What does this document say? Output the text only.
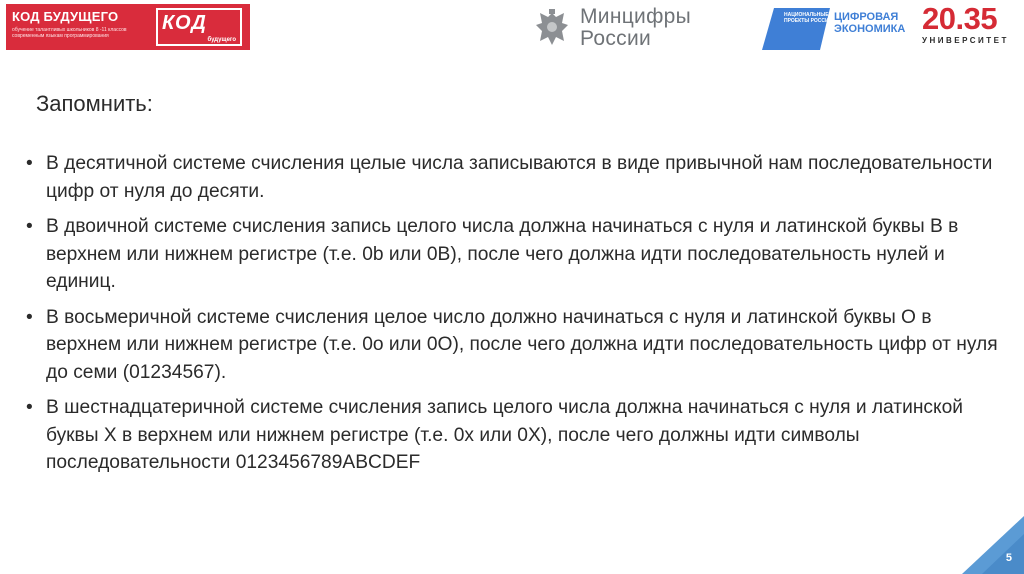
КОД БУДУЩЕГО
обучение талантливых школьников 8 -11 классов современным языкам программирования
КОД
будущего
Минцифры
России
НАЦИОНАЛЬНЫЕ ПРОЕКТЫ РОССИИ ЦИФРОВАЯ
ЭКОНОМИКА 20.35
УНИВЕРСИТЕТ
Запомнить:
• В десятичной системе счисления целые числа записываются в виде привычной нам последовательности цифр от нуля до десяти.
• В двоичной системе счисления запись целого числа должна начинаться с нуля и латинской буквы B в верхнем или нижнем регистре (т.е. 0b или 0B), после чего должна идти последовательность нулей и единиц.
• В восьмеричной системе счисления целое число должно начинаться с нуля и латинской буквы O в верхнем или нижнем регистре (т.е. 0o или 0O), после чего должна идти последовательность цифр от нуля до семи (01234567).
• В шестнадцатеричной системе счисления запись целого числа должна начинаться с нуля и латинской буквы X в верхнем или нижнем регистре (т.е. 0x или 0X), после чего должны идти символы последовательности 0123456789ABCDEF
5
